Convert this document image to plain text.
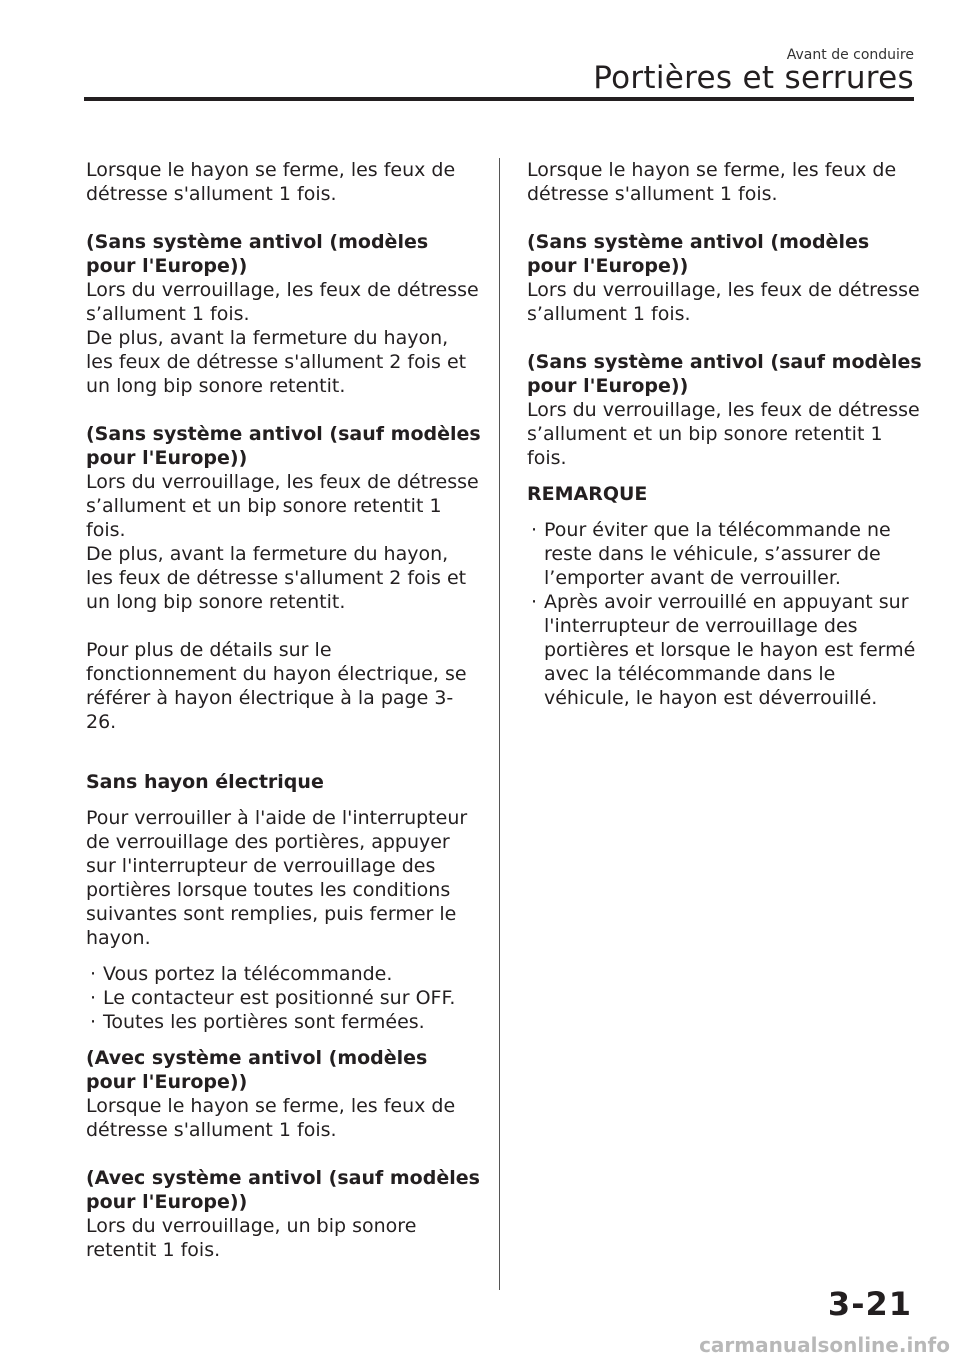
Avant de conduire
Portières et serrures

Lorsque le hayon se ferme, les feux de détresse s'allument 1 fois.

(Sans système antivol (modèles pour l'Europe))

Lors du verrouillage, les feux de détresse s’allument 1 fois.

De plus, avant la fermeture du hayon, les feux de détresse s'allument 2 fois et un long bip sonore retentit.

(Sans système antivol (sauf modèles pour l'Europe))

Lors du verrouillage, les feux de détresse s’allument et un bip sonore retentit 1 fois.

De plus, avant la fermeture du hayon, les feux de détresse s'allument 2 fois et un long bip sonore retentit.

Pour plus de détails sur le fonctionnement du hayon électrique, se référer à hayon électrique à la page 3-26.

Sans hayon électrique

Pour verrouiller à l'aide de l'interrupteur de verrouillage des portières, appuyer sur l'interrupteur de verrouillage des portières lorsque toutes les conditions suivantes sont remplies, puis fermer le hayon.

· Vous portez la télécommande.
· Le contacteur est positionné sur OFF.
· Toutes les portières sont fermées.

(Avec système antivol (modèles pour l'Europe))

Lorsque le hayon se ferme, les feux de détresse s'allument 1 fois.

(Avec système antivol (sauf modèles pour l'Europe))

Lors du verrouillage, un bip sonore retentit 1 fois.

Lorsque le hayon se ferme, les feux de détresse s'allument 1 fois.

(Sans système antivol (modèles pour l'Europe))

Lors du verrouillage, les feux de détresse s’allument 1 fois.

(Sans système antivol (sauf modèles pour l'Europe))

Lors du verrouillage, les feux de détresse s’allument et un bip sonore retentit 1 fois.

REMARQUE

· Pour éviter que la télécommande ne reste dans le véhicule, s’assurer de l’emporter avant de verrouiller.
· Après avoir verrouillé en appuyant sur l'interrupteur de verrouillage des portières et lorsque le hayon est fermé avec la télécommande dans le véhicule, le hayon est déverrouillé.
3-21
carmanualsonline.info
